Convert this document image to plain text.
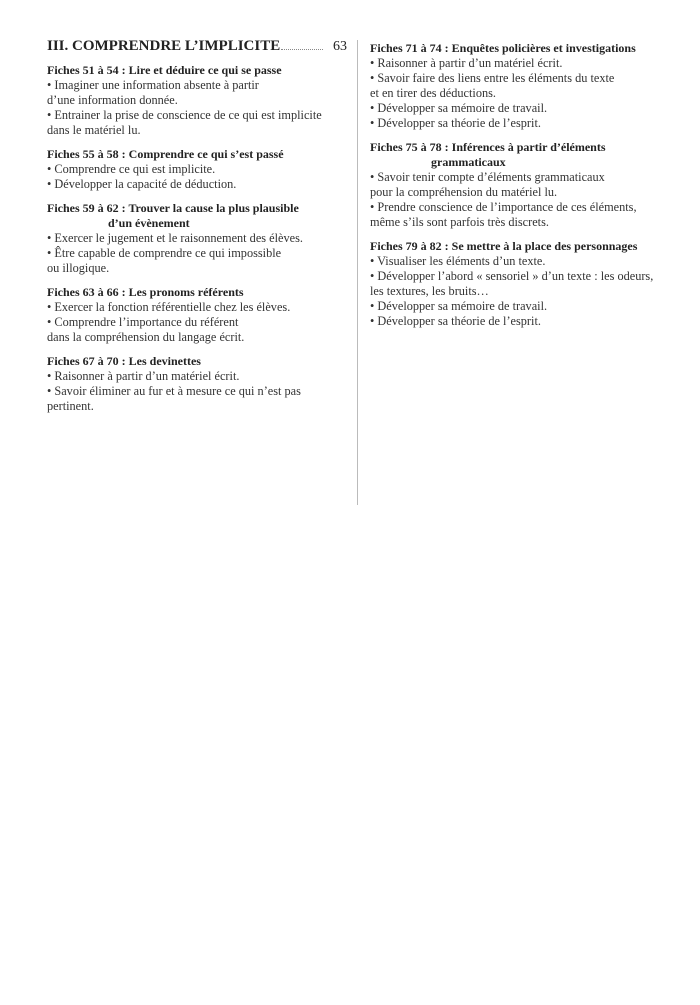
III. COMPRENDRE L’IMPLICITE	63
Fiches 51 à 54 : Lire et déduire ce qui se passe
• Imaginer une information absente à partir
d’une information donnée.
• Entrainer la prise de conscience de ce qui est implicite
dans le matériel lu.
Fiches 55 à 58 : Comprendre ce qui s’est passé
• Comprendre ce qui est implicite.
• Développer la capacité de déduction.
Fiches 59 à 62 : Trouver la cause la plus plausible
d’un évènement
• Exercer le jugement et le raisonnement des élèves.
• Être capable de comprendre ce qui impossible
ou illogique.
Fiches 63 à 66 : Les pronoms référents
• Exercer la fonction référentielle chez les élèves.
• Comprendre l’importance du référent
dans la compréhension du langage écrit.
Fiches 67 à 70 : Les devinettes
• Raisonner à partir d’un matériel écrit.
• Savoir éliminer au fur et à mesure ce qui n’est pas
pertinent.
Fiches 71 à 74 : Enquêtes policières et investigations
• Raisonner à partir d’un matériel écrit.
• Savoir faire des liens entre les éléments du texte
et en tirer des déductions.
• Développer sa mémoire de travail.
• Développer sa théorie de l’esprit.
Fiches 75 à 78 : Inférences à partir d’éléments
grammaticaux
• Savoir tenir compte d’éléments grammaticaux
pour la compréhension du matériel lu.
• Prendre conscience de l’importance de ces éléments,
même s’ils sont parfois très discrets.
Fiches 79 à 82 : Se mettre à la place des personnages
• Visualiser les éléments d’un texte.
• Développer l’abord « sensoriel » d’un texte : les odeurs,
les textures, les bruits…
• Développer sa mémoire de travail.
• Développer sa théorie de l’esprit.
